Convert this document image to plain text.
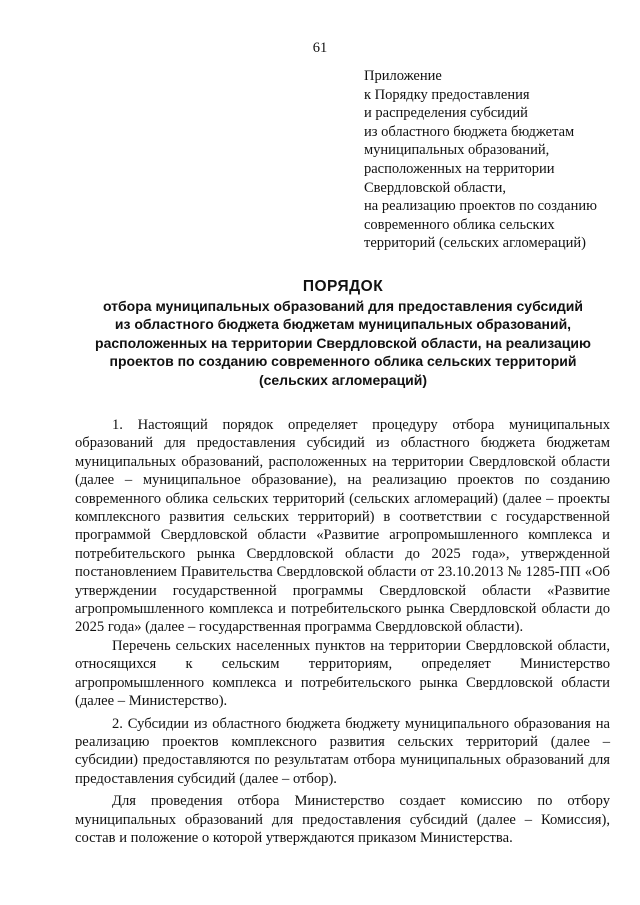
61
Приложение
к Порядку предоставления
и распределения субсидий
из областного бюджета бюджетам
муниципальных образований,
расположенных на территории
Свердловской области,
на реализацию проектов по созданию
современного облика сельских
территорий (сельских агломераций)
ПОРЯДОК
отбора муниципальных образований для предоставления субсидий
из областного бюджета бюджетам муниципальных образований,
расположенных на территории Свердловской области, на реализацию
проектов по созданию современного облика сельских территорий
(сельских агломераций)

1. Настоящий порядок определяет процедуру отбора муниципальных образований для предоставления субсидий из областного бюджета бюджетам муниципальных образований, расположенных на территории Свердловской области (далее – муниципальное образование), на реализацию проектов по созданию современного облика сельских территорий (сельских агломераций) (далее – проекты комплексного развития сельских территорий) в соответствии с государственной программой Свердловской области «Развитие агропромышленного комплекса и потребительского рынка Свердловской области до 2025 года», утвержденной постановлением Правительства Свердловской области от 23.10.2013 № 1285-ПП «Об утверждении государственной программы Свердловской области «Развитие агропромышленного комплекса и потребительского рынка Свердловской области до 2025 года» (далее – государственная программа Свердловской области).

Перечень сельских населенных пунктов на территории Свердловской области, относящихся к сельским территориям, определяет Министерство агропромышленного комплекса и потребительского рынка Свердловской области (далее – Министерство).

2. Субсидии из областного бюджета бюджету муниципального образования на реализацию проектов комплексного развития сельских территорий (далее – субсидии) предоставляются по результатам отбора муниципальных образований для предоставления субсидий (далее – отбор).

Для проведения отбора Министерство создает комиссию по отбору муниципальных образований для предоставления субсидий (далее – Комиссия), состав и положение о которой утверждаются приказом Министерства.
